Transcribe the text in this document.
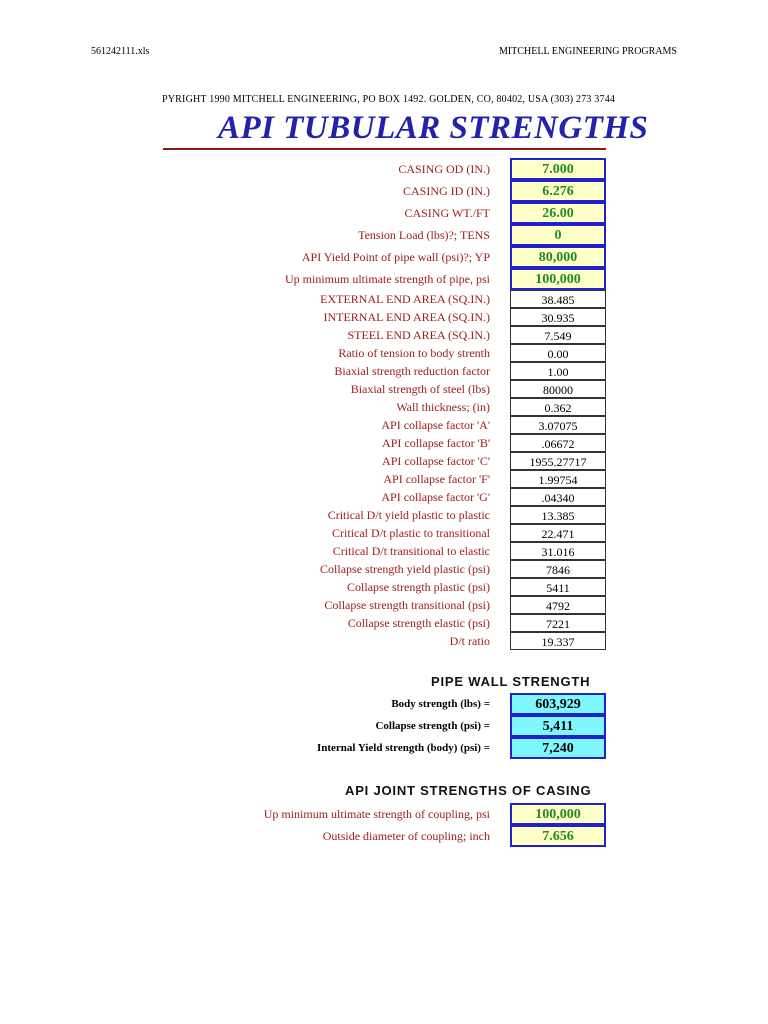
561242111.xls	MITCHELL ENGINEERING PROGRAMS
PYRIGHT 1990 MITCHELL ENGINEERING, PO BOX 1492. GOLDEN, CO, 80402, USA (303) 273 3744
API TUBULAR STRENGTHS
CASING OD (IN.)	7.000
CASING ID (IN.)	6.276
CASING WT./FT	26.00
Tension Load (lbs)?; TENS	0
API Yield Point of pipe wall (psi)?; YP	80,000
Up minimum ultimate strength of pipe, psi	100,000
EXTERNAL END AREA (SQ.IN.)	38.485
INTERNAL END AREA (SQ.IN.)	30.935
STEEL END AREA (SQ.IN.)	7.549
Ratio of tension to body strenth	0.00
Biaxial strength reduction factor	1.00
Biaxial strength of steel (lbs)	80000
Wall thickness; (in)	0.362
API collapse factor 'A'	3.07075
API collapse factor 'B'	.06672
API collapse factor 'C'	1955.27717
API collapse factor 'F'	1.99754
API collapse factor 'G'	.04340
Critical D/t yield plastic to plastic	13.385
Critical D/t plastic to transitional	22.471
Critical D/t transitional to elastic	31.016
Collapse strength yield plastic (psi)	7846
Collapse strength plastic (psi)	5411
Collapse strength transitional (psi)	4792
Collapse strength elastic (psi)	7221
D/t ratio	19.337
PIPE WALL STRENGTH
Body strength (lbs) =	603,929
Collapse strength (psi) =	5,411
Internal Yield strength (body) (psi) =	7,240
API JOINT STRENGTHS OF CASING
Up minimum ultimate strength of coupling, psi	100,000
Outside diameter of coupling; inch	7.656
